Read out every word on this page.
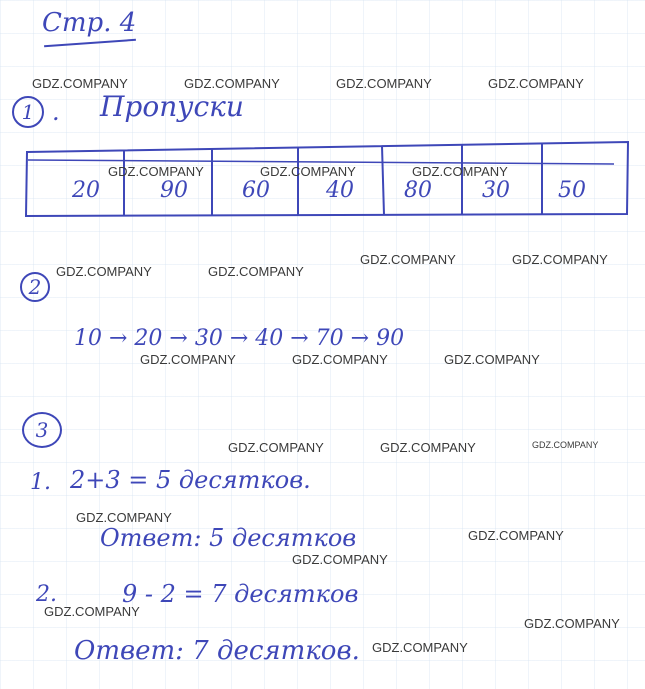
Стр. 4
1 . Пропуски
20	90 60	40 80 30 50
2
10 → 20 → 30 → 40 → 70 → 90
3
1. 2+3 = 5 десятков.
Ответ: 5 десятков
2.	9 - 2 = 7 десятков
Ответ: 7 десятков.
GDZ.COMPANY	GDZ.COMPANY	GDZ.COMPANY	GDZ.COMPANY
GDZ.COMPANY	GDZ.COMPANY	GDZ.COMPANY
GDZ.COMPANY	GDZ.COMPANY
GDZ.COMPANY	GDZ.COMPANY
GDZ.COMPANY	GDZ.COMPANY	GDZ.COMPANY
GDZ.COMPANY	GDZ.COMPANY	GDZ.COMPANY
GDZ.COMPANY
GDZ.COMPANY
GDZ.COMPANY
GDZ.COMPANY
GDZ.COMPANY
GDZ.COMPANY
